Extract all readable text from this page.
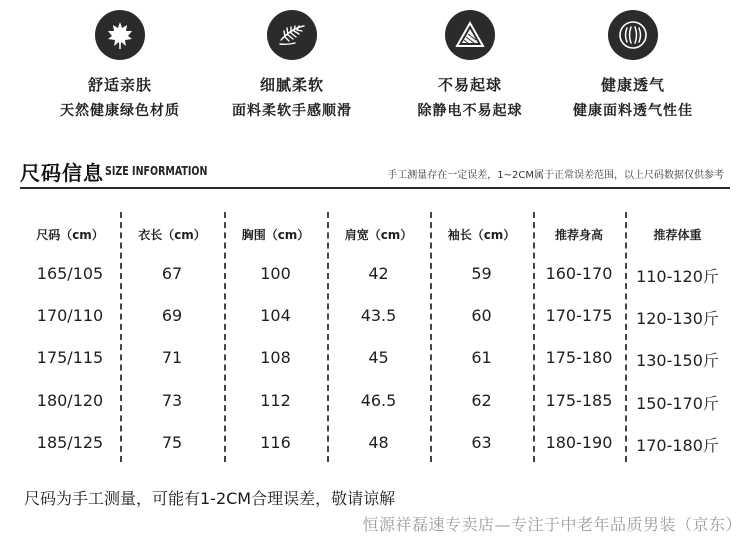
舒适亲肤
天然健康绿色材质
细腻柔软
面料柔软手感顺滑
不易起球
除静电不易起球
健康透气
健康面料透气性佳
尺码信息 SIZE INFORMATION	手工测量存在一定误差，1~2CM属于正常误差范围，以上尺码数据仅供参考
尺码（cm）	衣长（cm）	胸围（cm）	肩宽（cm）	袖长（cm）	推荐身高	推荐体重
165/105	67	100	42	59	160-170	110-120斤
170/110	69	104	43.5	60	170-175	120-130斤
175/115	71	108	45	61	175-180	130-150斤
180/120	73	112	46.5	62	175-185	150-170斤
185/125	75	116	48	63	180-190	170-180斤
尺码为手工测量，可能有1-2CM合理误差，敬请谅解
恒源祥磊速专卖店—专注于中老年品质男装（京东）
